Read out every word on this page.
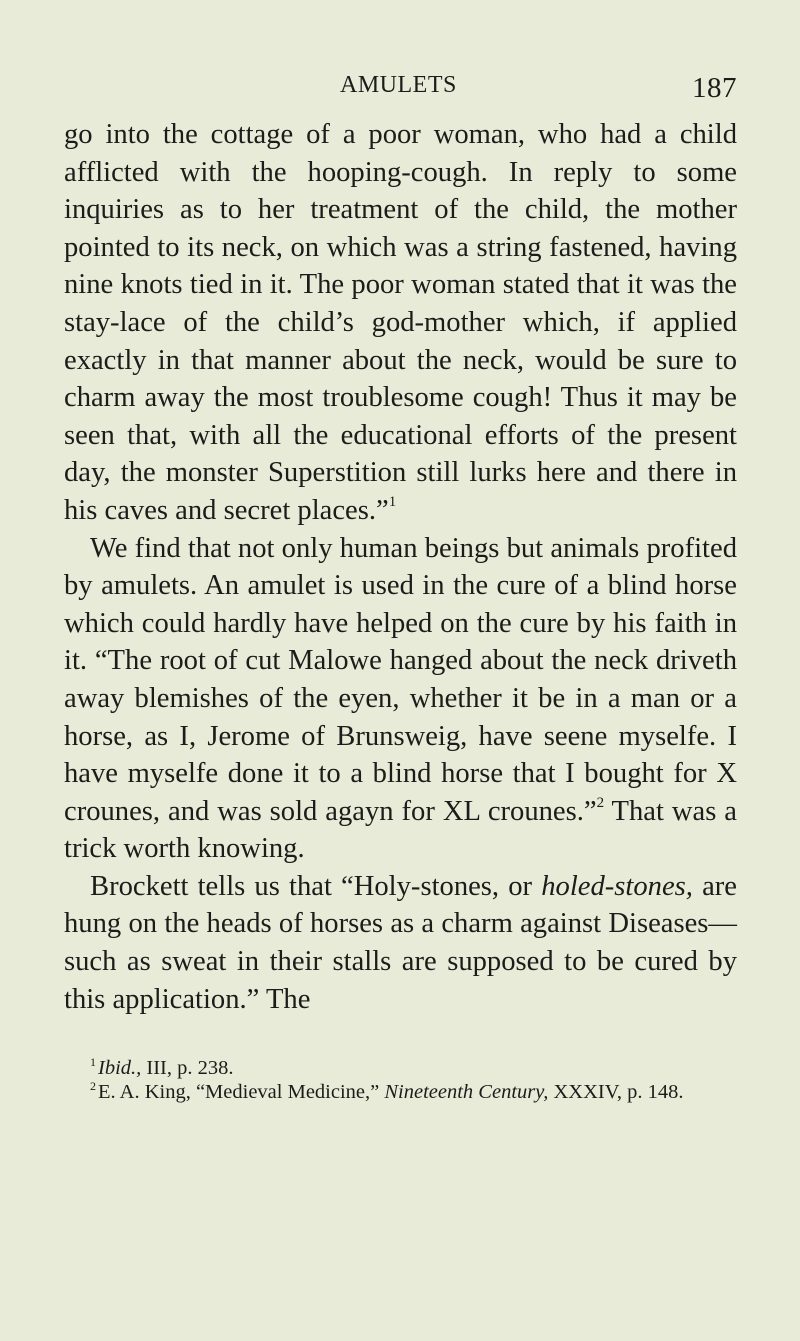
AMULETS	187

go into the cottage of a poor woman, who had a child afflicted with the hooping-cough. In reply to some inquiries as to her treatment of the child, the mother pointed to its neck, on which was a string fastened, having nine knots tied in it. The poor woman stated that it was the stay-lace of the child’s god-mother which, if applied exactly in that manner about the neck, would be sure to charm away the most troublesome cough! Thus it may be seen that, with all the educational efforts of the present day, the monster Superstition still lurks here and there in his caves and secret places.”$^1$

We find that not only human beings but animals profited by amulets. An amulet is used in the cure of a blind horse which could hardly have helped on the cure by his faith in it. “The root of cut Malowe hanged about the neck driveth away blemishes of the eyen, whether it be in a man or a horse, as I, Jerome of Brunsweig, have seene myselfe. I have myselfe done it to a blind horse that I bought for X crounes, and was sold agayn for XL crounes.”$^2$ That was a trick worth knowing.

Brockett tells us that “Holy-stones, or holed-stones, are hung on the heads of horses as a charm against Diseases—such as sweat in their stalls are supposed to be cured by this application.” The

$^1$Ibid., III, p. 238.

$^2$E. A. King, “Medieval Medicine,” Nineteenth Century, XXXIV, p. 148.
